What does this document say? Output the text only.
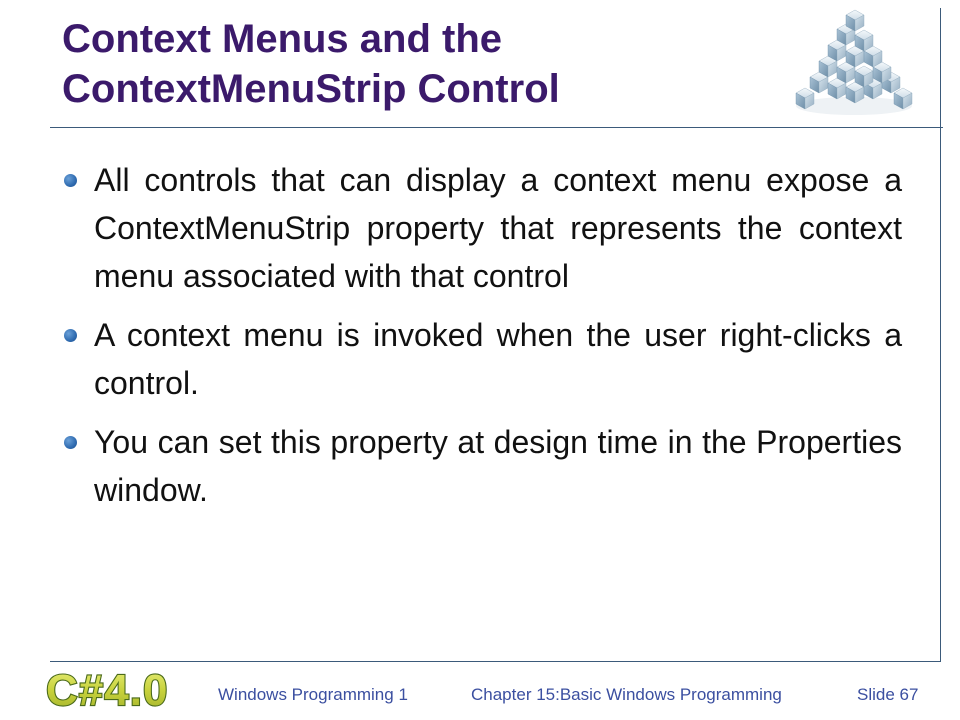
Context Menus and the
ContextMenuStrip Control
All controls that can display a context menu expose a ContextMenuStrip property that represents the context menu associated with that control
A context menu is invoked when the user right-clicks a control.
You can set this property at design time in the Properties window.
C#4.0	Windows Programming 1	Chapter 15:Basic Windows Programming	Slide 67
